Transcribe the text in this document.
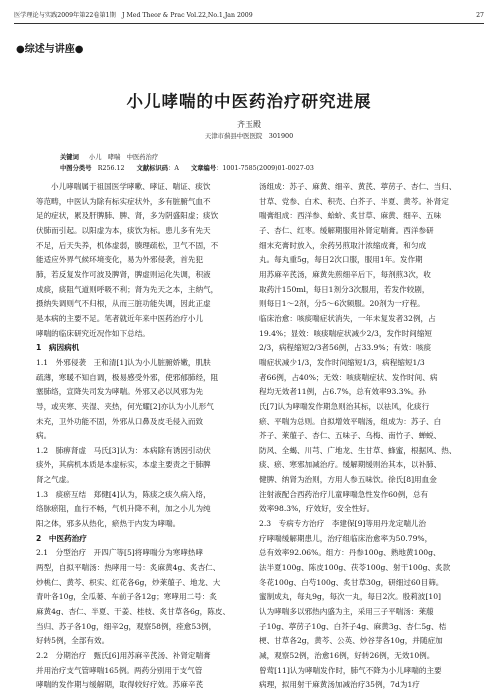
医学理论与实践2009年第22卷第1期　J Med Theor & Prac Vol.22,No.1,Jan 2009	27
●综述与讲座●
小儿哮喘的中医药治疗研究进展
齐玉殿
天津市蓟县中医医院　301900
关键词 小儿　哮喘　中医药治疗
中图分类号　 R256.12 文献标识码：A 文章编号：1001-7585(2009)01-0027-03

小儿哮喘属于祖国医学哮嗽、哮证、喘证、痰饮

等范畴，中医认为除有标实症状外，多有脏腑气血不

足的症状，累及肝脾肺、脾、肾，多为阴盛阳虚；痰饮

伏肺而引起。以阳虚为本，痰饮为标。患儿多有先天

不足，后天失养，机体虚弱，腠理疏松，卫气不固，不

能适应外界气候环境变化，易为外邪侵袭，首先犯

肺，若反复发作可波及脾肾，脾虚则运化失调，积液

成痰，痰阻气道则呼吸不利；肾为先天之本，主纳气，

摄纳失调则气不归根，从而三脏功能失调，因此正虚

是本病的主要不足。笔者就近年来中医药治疗小儿

哮喘的临床研究近况作如下总结。

1　病因病机

1.1　外邪侵袭　王和清[1]认为小儿脏腑娇嫩，肌肤

疏薄，寒暖不知自调，极易感受外邪，使邪郁肺经，阻

塞肺络，宣降失司发为哮喘。外邪又必以风邪为先

导，或夹寒、夹湿、夹热，何光耀[2]亦认为小儿形气

未充，卫外功能不固，外邪从口鼻及皮毛侵入而致

病。

1.2　肺痹肾虚　马氏[3]认为：本病除有诱因引动伏

痰外，其病机本质是本虚标实，本虚主要责之于肺脾

肾之气虚。

1.3　痰瘀互结　郑健[4]认为，陈痰之痰久病入络，

络脉瘀阻，血行不畅，气机升降不利，加之小儿为纯

阳之体，邪多从热化，瘀热于内发为哮喘。

2　中医药治疗

2.1　分型治疗　开四广等[5]将哮喘分为寒哮热哮

两型，自拟平喘汤：热哮用一号：炙麻黄4g、炙杏仁、

炒桃仁、黄芩、枳实、红花各6g，炒莱菔子、地龙、大

青叶各10g，全瓜蒌、车前子各12g；寒哮用二号：炙

麻黄4g、杏仁、半夏、干姜、桂枝、炙甘草各6g，陈皮、

当归、苏子各10g，细辛2g，观察58例，痊愈53例，

好转5例，全部有效。

2.2　分期治疗　甄氏[6]用苏麻辛芪汤、补肾定喘膏

并用治疗支气管哮喘165例。两药分别用于支气管

哮喘的发作期与缓解期，取得较好疗效。苏麻辛芪

汤组成：苏子、麻黄、细辛、黄芪、葶苈子、杏仁、当归、

甘草、党参、白术、积壳、白芥子、半夏、黄芩。补肾定

喘膏组成：西洋参、蛤蚧、炙甘草、麻黄、细辛、五味

子、杏仁、红枣。缓解期服用补肾定喘膏。西洋参研

细末充膏时放入，余药另煎取汁浓缩成膏，和匀成

丸。每丸重5g，每日2次口服，服用1年。发作期

用苏麻辛芪汤，麻黄先煎细辛后下，每剂煎3次，收

取药汁150ml，每日1剂分3次服用，若发作较剧，

则每日1～2剂，分5～6次频服。20剂为一疗程。

临床治愈：咳痰喘症状消失，一年未复发者32例，占

19.4%；显效：咳痰喘症状减少2/3，发作时间缩短

2/3，病程缩短2/3者56例，占33.9%；有效：咳痰

喘症状减少1/3，发作时间缩短1/3，病程缩短1/3

者66例，占40%；无效：咳痰喘症状、发作时间、病

程均无效者11例，占6.7%，总有效率93.3%。孙

氏[7]认为哮喘发作期急则治其标，以祛风，化痰行

瘀、平喘为总则。自拟增效平喘汤，组成为：苏子、白

芥子、莱菔子、杏仁、五味子、乌梅、南竹子、蝉蜕、

防风、全蝎、川芎、广地龙、生甘草、蜂蜜，根据风、热、

痰、瘀、寒邪加减治疗。缓解期缓则治其本，以补肺、

健脾、纳肾为治则，方用人参五味饮。徐氏[8]用血金

注射液配合西药治疗儿童哮喘急性发作60例，总有

效率98.3%，疗效好，安全性好。

2.3　专病专方治疗　李建保[9]等用丹龙定喘儿治

疗哮喘缓解期患儿，治疗组临床治愈率为50.79%，

总有效率92.06%。组方：丹参100g、熟地黄100g、

法半夏100g、陈皮100g、茯苓100g、射干100g、炙款

冬花100g、白芍100g、炙甘草30g，研细过60目筛。

蜜制成丸，每丸9g，每次一丸，每日2次。殷莉波[10]

认为哮喘多以邪热内盛为主，采用三子平喘汤：莱菔

子10g、葶苈子10g、白芥子4g、麻黄3g、杏仁5g、桔

梗、甘草各2g，黄芩、公英、炒谷芽各10g，并随症加

减，观察52例，治愈16例，好转26例，无效10例。

曾莺[11]认为哮喘发作时，肺气不降为小儿哮喘的主要

病理，拟用射干麻黄汤加减治疗35例，7d为1疗
